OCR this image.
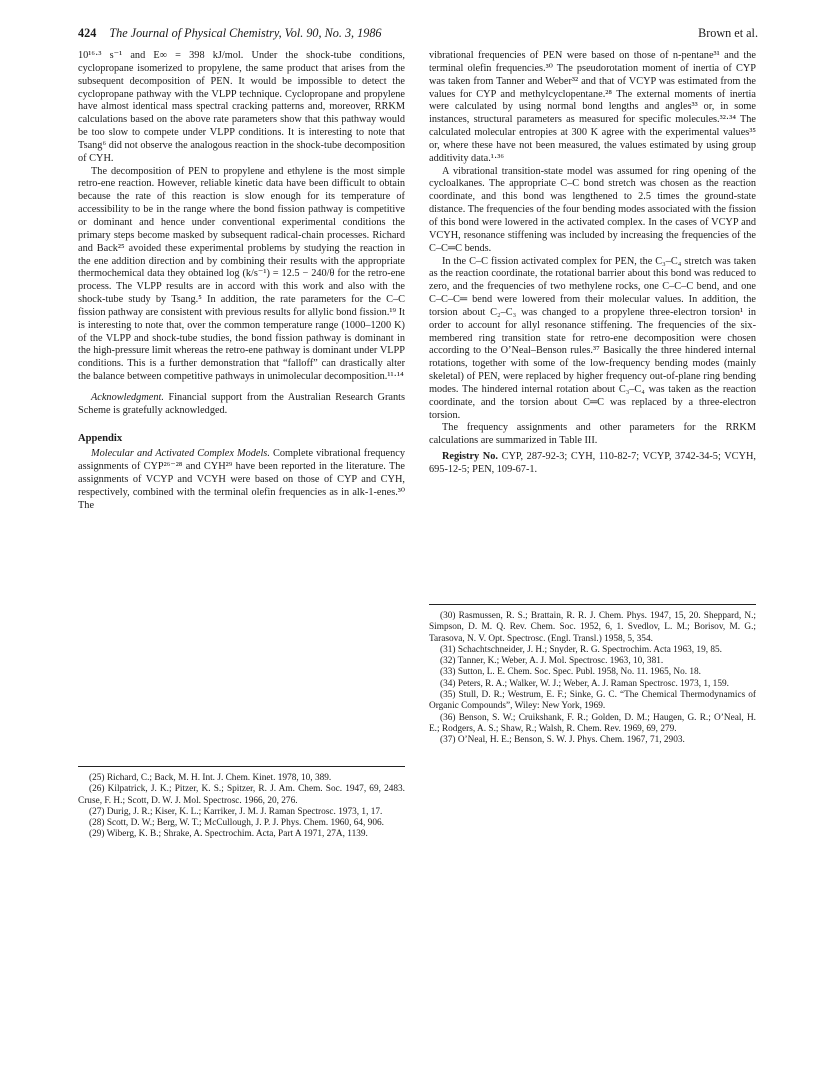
424 The Journal of Physical Chemistry, Vol. 90, No. 3, 1986	Brown et al.

10¹⁶·³ s⁻¹ and E∞ = 398 kJ/mol. Under the shock-tube conditions, cyclopropane isomerized to propylene, the same product that arises from the subsequent decomposition of PEN. It would be impossible to detect the cyclopropane pathway with the VLPP technique. Cyclopropane and propylene have almost identical mass spectral cracking patterns and, moreover, RRKM calculations based on the above rate parameters show that this pathway would be too slow to compete under VLPP conditions. It is interesting to note that Tsang⁶ did not observe the analogous reaction in the shock-tube decomposition of CYH.

The decomposition of PEN to propylene and ethylene is the most simple retro-ene reaction. However, reliable kinetic data have been difficult to obtain because the rate of this reaction is slow enough for its temperature of accessibility to be in the range where the bond fission pathway is competitive or dominant and hence under conventional experimental conditions the primary steps become masked by subsequent radical-chain processes. Richard and Back²⁵ avoided these experimental problems by studying the reaction in the ene addition direction and by combining their results with the appropriate thermochemical data they obtained log (k/s⁻¹) = 12.5 − 240/θ for the retro-ene process. The VLPP results are in accord with this work and also with the shock-tube study by Tsang.⁵ In addition, the rate parameters for the C–C fission pathway are consistent with previous results for allylic bond fission.¹⁹ It is interesting to note that, over the common temperature range (1000–1200 K) of the VLPP and shock-tube studies, the bond fission pathway is dominant in the high-pressure limit whereas the retro-ene pathway is dominant under VLPP conditions. This is a further demonstration that “falloff” can drastically alter the balance between competitive pathways in unimolecular decomposition.¹¹·¹⁴

Acknowledgment. Financial support from the Australian Research Grants Scheme is gratefully acknowledged.

Appendix

Molecular and Activated Complex Models. Complete vibrational frequency assignments of CYP²⁶⁻²⁸ and CYH²⁹ have been reported in the literature. The assignments of VCYP and VCYH were based on those of CYP and CYH, respectively, combined with the terminal olefin frequencies as in alk-1-enes.³⁰ The

(25) Richard, C.; Back, M. H. Int. J. Chem. Kinet. 1978, 10, 389.
(26) Kilpatrick, J. K.; Pitzer, K. S.; Spitzer, R. J. Am. Chem. Soc. 1947, 69, 2483. Cruse, F. H.; Scott, D. W. J. Mol. Spectrosc. 1966, 20, 276.
(27) Durig, J. R.; Kiser, K. L.; Karriker, J. M. J. Raman Spectrosc. 1973, 1, 17.
(28) Scott, D. W.; Berg, W. T.; McCullough, J. P. J. Phys. Chem. 1960, 64, 906.
(29) Wiberg, K. B.; Shrake, A. Spectrochim. Acta, Part A 1971, 27A, 1139.

vibrational frequencies of PEN were based on those of n-pentane³¹ and the terminal olefin frequencies.³⁰ The pseudorotation moment of inertia of CYP was taken from Tanner and Weber³² and that of VCYP was estimated from the values for CYP and methylcyclopentane.²⁸ The external moments of inertia were calculated by using normal bond lengths and angles³³ or, in some instances, structural parameters as measured for specific molecules.³²·³⁴ The calculated molecular entropies at 300 K agree with the experimental values³⁵ or, where these have not been measured, the values estimated by using group additivity data.¹·³⁶

A vibrational transition-state model was assumed for ring opening of the cycloalkanes. The appropriate C–C bond stretch was chosen as the reaction coordinate, and this bond was lengthened to 2.5 times the ground-state distance. The frequencies of the four bending modes associated with the fission of this bond were lowered in the activated complex. In the cases of VCYP and VCYH, resonance stiffening was included by increasing the frequencies of the C–C═C bends.

In the C–C fission activated complex for PEN, the C₃–C₄ stretch was taken as the reaction coordinate, the rotational barrier about this bond was reduced to zero, and the frequencies of two methylene rocks, one C–C–C bend, and one C–C–C═ bend were lowered from their molecular values. In addition, the torsion about C₂–C₃ was changed to a propylene three-electron torsion¹ in order to account for allyl resonance stiffening. The frequencies of the six-membered ring transition state for retro-ene decomposition were chosen according to the O’Neal–Benson rules.³⁷ Basically the three hindered internal rotations, together with some of the low-frequency bending modes (mainly skeletal) of PEN, were replaced by higher frequency out-of-plane ring bending modes. The hindered internal rotation about C₃–C₄ was taken as the reaction coordinate, and the torsion about C═C was replaced by a three-electron torsion.

The frequency assignments and other parameters for the RRKM calculations are summarized in Table III.

Registry No. CYP, 287-92-3; CYH, 110-82-7; VCYP, 3742-34-5; VCYH, 695-12-5; PEN, 109-67-1.

(30) Rasmussen, R. S.; Brattain, R. R. J. Chem. Phys. 1947, 15, 20. Sheppard, N.; Simpson, D. M. Q. Rev. Chem. Soc. 1952, 6, 1. Svedlov, L. M.; Borisov, M. G.; Tarasova, N. V. Opt. Spectrosc. (Engl. Transl.) 1958, 5, 354.
(31) Schachtschneider, J. H.; Snyder, R. G. Spectrochim. Acta 1963, 19, 85.
(32) Tanner, K.; Weber, A. J. Mol. Spectrosc. 1963, 10, 381.
(33) Sutton, L. E. Chem. Soc. Spec. Publ. 1958, No. 11. 1965, No. 18.
(34) Peters, R. A.; Walker, W. J.; Weber, A. J. Raman Spectrosc. 1973, 1, 159.
(35) Stull, D. R.; Westrum, E. F.; Sinke, G. C. “The Chemical Thermodynamics of Organic Compounds”, Wiley: New York, 1969.
(36) Benson, S. W.; Cruikshank, F. R.; Golden, D. M.; Haugen, G. R.; O’Neal, H. E.; Rodgers, A. S.; Shaw, R.; Walsh, R. Chem. Rev. 1969, 69, 279.
(37) O’Neal, H. E.; Benson, S. W. J. Phys. Chem. 1967, 71, 2903.
